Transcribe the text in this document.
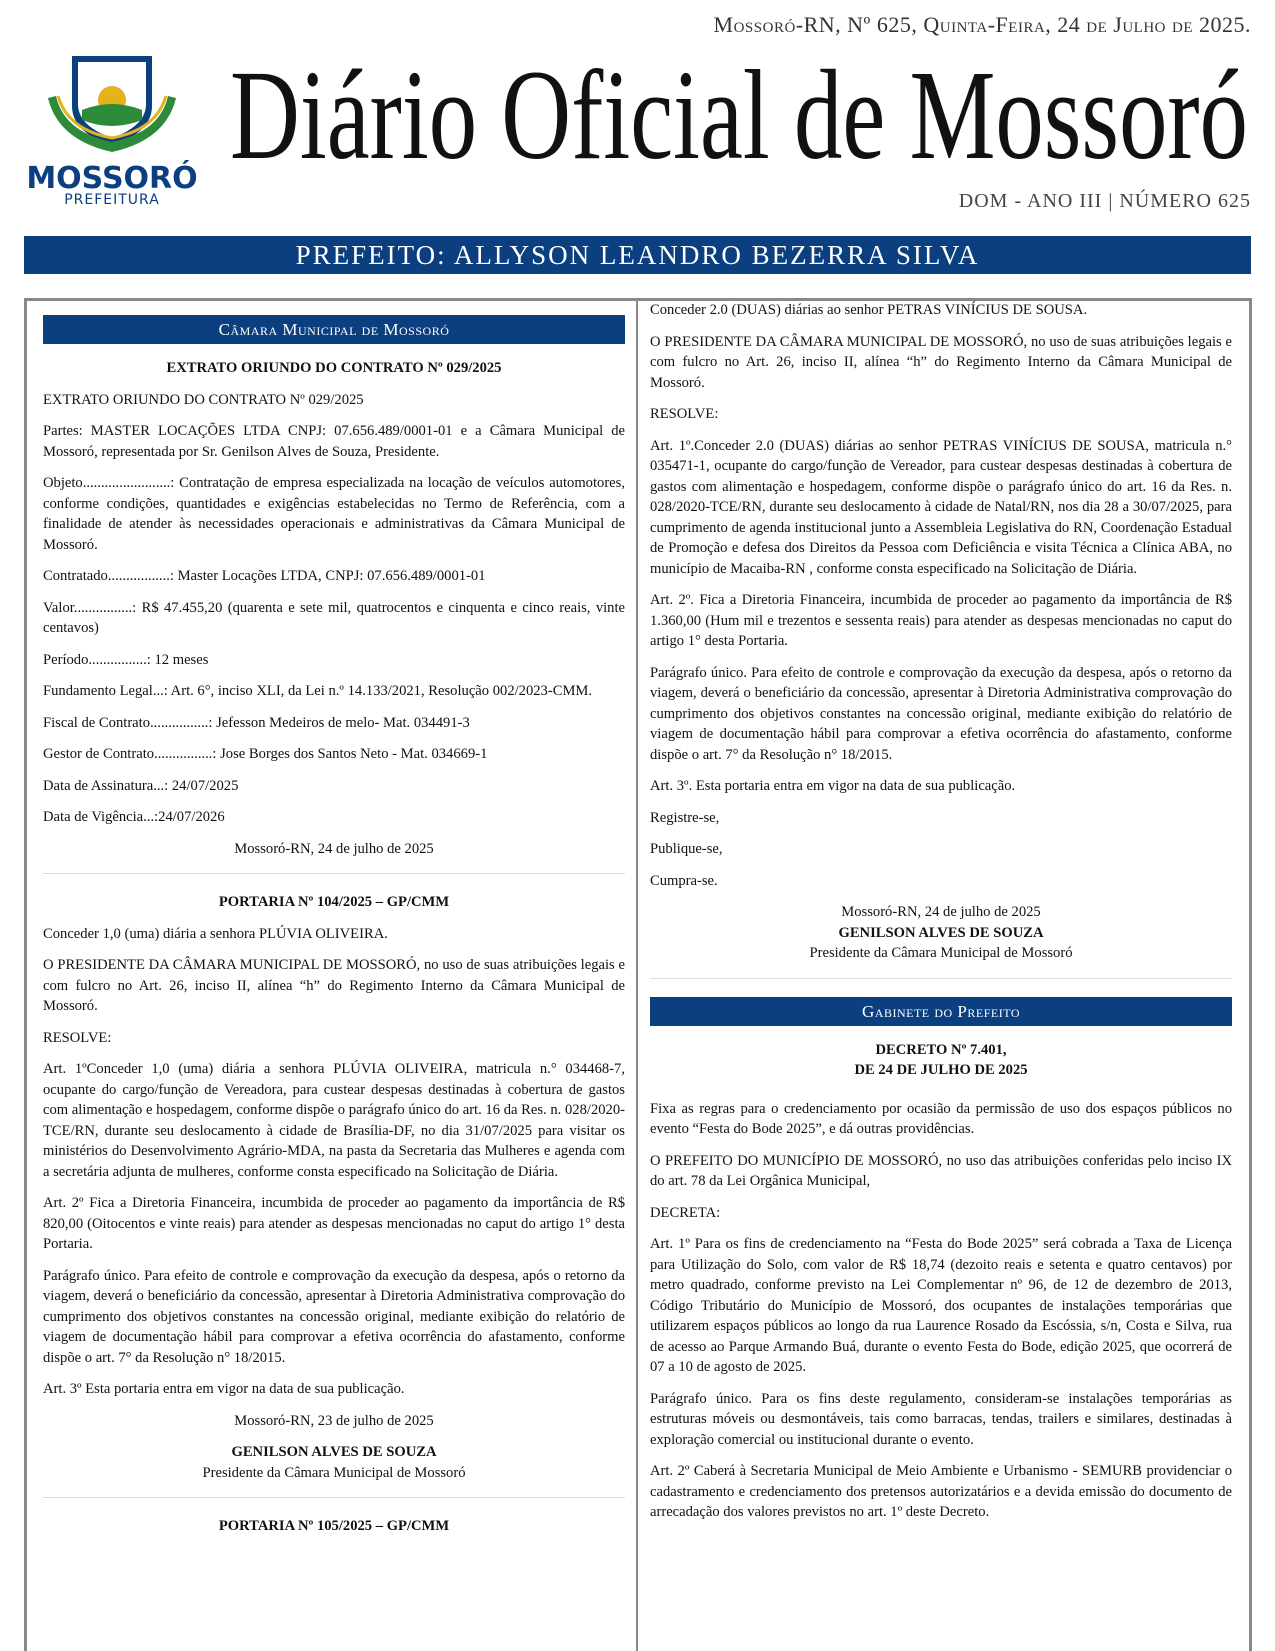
MOSSORÓ
PREFEITURA
Mossoró-RN, Nº 625, Quinta-Feira, 24 de Julho de 2025.
Diário Oficial de Mossoró
DOM - ANO III | NÚMERO 625
PREFEITO: ALLYSON LEANDRO BEZERRA SILVA
Câmara Municipal de Mossoró

EXTRATO ORIUNDO DO CONTRATO Nº 029/2025

EXTRATO ORIUNDO DO CONTRATO Nº 029/2025

Partes: MASTER LOCAÇÕES LTDA CNPJ: 07.656.489/0001-01 e a Câmara Municipal de Mossoró, representada por Sr. Genilson Alves de Souza, Presidente.

Objeto........................: Contratação de empresa especializada na locação de veículos automotores, conforme condições, quantidades e exigências estabelecidas no Termo de Referência, com a finalidade de atender às necessidades operacionais e administrativas da Câmara Municipal de Mossoró.

Contratado.................: Master Locações LTDA, CNPJ: 07.656.489/0001-01

Valor................: R$ 47.455,20 (quarenta e sete mil, quatrocentos e cinquenta e cinco reais, vinte centavos)

Período................: 12 meses

Fundamento Legal...: Art. 6°, inciso XLI, da Lei n.º 14.133/2021, Resolução 002/2023-CMM.

Fiscal de Contrato................: Jefesson Medeiros de melo- Mat. 034491-3

Gestor de Contrato................: Jose Borges dos Santos Neto - Mat. 034669-1

Data de Assinatura...: 24/07/2025

Data de Vigência...:24/07/2026

Mossoró-RN, 24 de julho de 2025

PORTARIA Nº 104/2025 – GP/CMM

Conceder 1,0 (uma) diária a senhora PLÚVIA OLIVEIRA.

O PRESIDENTE DA CÂMARA MUNICIPAL DE MOSSORÓ, no uso de suas atribuições legais e com fulcro no Art. 26, inciso II, alínea “h” do Regimento Interno da Câmara Municipal de Mossoró.

RESOLVE:

Art. 1ºConceder 1,0 (uma) diária a senhora PLÚVIA OLIVEIRA, matricula n.° 034468-7, ocupante do cargo/função de Vereadora, para custear despesas destinadas à cobertura de gastos com alimentação e hospedagem, conforme dispõe o parágrafo único do art. 16 da Res. n. 028/2020-TCE/RN, durante seu deslocamento à cidade de Brasília-DF, no dia 31/07/2025 para visitar os ministérios do Desenvolvimento Agrário-MDA, na pasta da Secretaria das Mulheres e agenda com a secretária adjunta de mulheres, conforme consta especificado na Solicitação de Diária.

Art. 2º Fica a Diretoria Financeira, incumbida de proceder ao pagamento da importância de R$ 820,00 (Oitocentos e vinte reais) para atender as despesas mencionadas no caput do artigo 1° desta Portaria.

Parágrafo único. Para efeito de controle e comprovação da execução da despesa, após o retorno da viagem, deverá o beneficiário da concessão, apresentar à Diretoria Administrativa comprovação do cumprimento dos objetivos constantes na concessão original, mediante exibição do relatório de viagem de documentação hábil para comprovar a efetiva ocorrência do afastamento, conforme dispõe o art. 7° da Resolução n° 18/2015.

Art. 3º Esta portaria entra em vigor na data de sua publicação.

Mossoró-RN, 23 de julho de 2025

GENILSON ALVES DE SOUZA

Presidente da Câmara Municipal de Mossoró

PORTARIA Nº 105/2025 – GP/CMM

Conceder 2.0 (DUAS) diárias ao senhor PETRAS VINÍCIUS DE SOUSA.

O PRESIDENTE DA CÂMARA MUNICIPAL DE MOSSORÓ, no uso de suas atribuições legais e com fulcro no Art. 26, inciso II, alínea “h” do Regimento Interno da Câmara Municipal de Mossoró.

RESOLVE:

Art. 1º.Conceder 2.0 (DUAS) diárias ao senhor PETRAS VINÍCIUS DE SOUSA, matricula n.° 035471-1, ocupante do cargo/função de Vereador, para custear despesas destinadas à cobertura de gastos com alimentação e hospedagem, conforme dispõe o parágrafo único do art. 16 da Res. n. 028/2020-TCE/RN, durante seu deslocamento à cidade de Natal/RN, nos dia 28 a 30/07/2025, para cumprimento de agenda institucional junto a Assembleia Legislativa do RN, Coordenação Estadual de Promoção e defesa dos Direitos da Pessoa com Deficiência e visita Técnica a Clínica ABA, no município de Macaiba-RN , conforme consta especificado na Solicitação de Diária.

Art. 2º. Fica a Diretoria Financeira, incumbida de proceder ao pagamento da importância de R$ 1.360,00 (Hum mil e trezentos e sessenta reais) para atender as despesas mencionadas no caput do artigo 1° desta Portaria.

Parágrafo único. Para efeito de controle e comprovação da execução da despesa, após o retorno da viagem, deverá o beneficiário da concessão, apresentar à Diretoria Administrativa comprovação do cumprimento dos objetivos constantes na concessão original, mediante exibição do relatório de viagem de documentação hábil para comprovar a efetiva ocorrência do afastamento, conforme dispõe o art. 7° da Resolução n° 18/2015.

Art. 3º. Esta portaria entra em vigor na data de sua publicação.

Registre-se,

Publique-se,

Cumpra-se.

Mossoró-RN, 24 de julho de 2025

GENILSON ALVES DE SOUZA

Presidente da Câmara Municipal de Mossoró

Gabinete do Prefeito

DECRETO Nº 7.401,

DE 24 DE JULHO DE 2025

Fixa as regras para o credenciamento por ocasião da permissão de uso dos espaços públicos no evento “Festa do Bode 2025”, e dá outras providências.

O PREFEITO DO MUNICÍPIO DE MOSSORÓ, no uso das atribuições conferidas pelo inciso IX do art. 78 da Lei Orgânica Municipal,

DECRETA:

Art. 1º Para os fins de credenciamento na “Festa do Bode 2025” será cobrada a Taxa de Licença para Utilização do Solo, com valor de R$ 18,74 (dezoito reais e setenta e quatro centavos) por metro quadrado, conforme previsto na Lei Complementar nº 96, de 12 de dezembro de 2013, Código Tributário do Município de Mossoró, dos ocupantes de instalações temporárias que utilizarem espaços públicos ao longo da rua Laurence Rosado da Escóssia, s/n, Costa e Silva, rua de acesso ao Parque Armando Buá, durante o evento Festa do Bode, edição 2025, que ocorrerá de 07 a 10 de agosto de 2025.

Parágrafo único. Para os fins deste regulamento, consideram-se instalações temporárias as estruturas móveis ou desmontáveis, tais como barracas, tendas, trailers e similares, destinadas à exploração comercial ou institucional durante o evento.

Art. 2º Caberá à Secretaria Municipal de Meio Ambiente e Urbanismo - SEMURB providenciar o cadastramento e credenciamento dos pretensos autorizatários e a devida emissão do documento de arrecadação dos valores previstos no art. 1º deste Decreto.
